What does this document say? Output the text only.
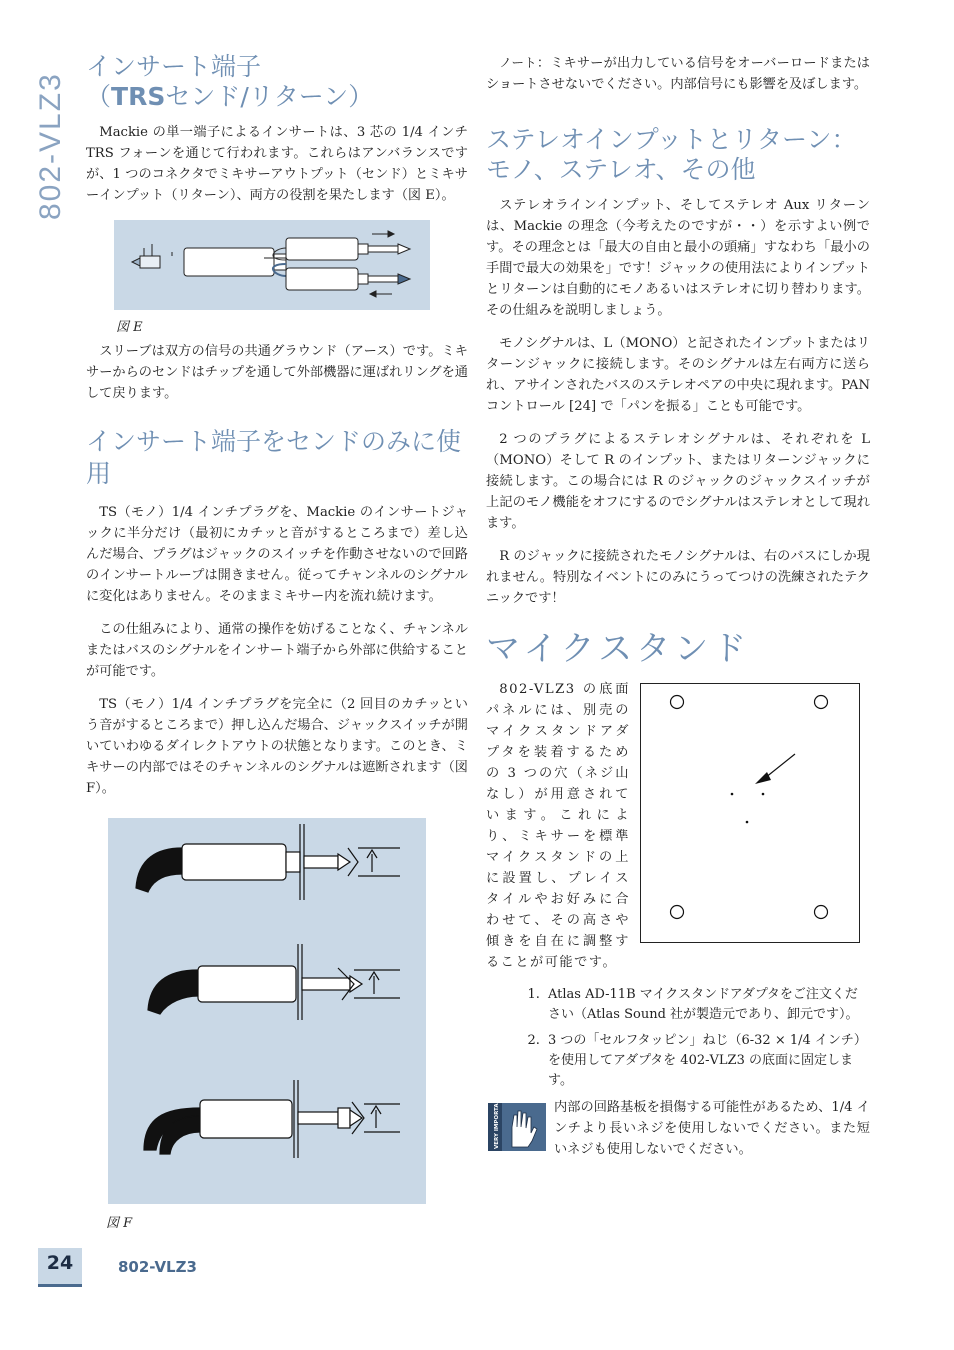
802-VLZ3
インサート端子
（TRSセンド/リターン）

Mackie の単一端子によるインサートは、3 芯の 1/4 インチ TRS フォーンを通じて行われます。これらはアンバランスですが、1 つのコネクタでミキサーアウトプット（センド）とミキサーインプット（リターン）、両方の役割を果たします（図 E）。

図 E

スリーブは双方の信号の共通グラウンド（アース）です。ミキサーからのセンドはチップを通して外部機器に運ばれリングを通して戻ります。

インサート端子をセンドのみに使用

TS（モノ）1/4 インチプラグを、Mackie のインサートジャックに半分だけ（最初にカチッと音がするところまで）差し込んだ場合、プラグはジャックのスイッチを作動させないので回路のインサートループは開きません。従ってチャンネルのシグナルに変化はありません。そのままミキサー内を流れ続けます。

この仕組みにより、通常の操作を妨げることなく、チャンネルまたはバスのシグナルをインサート端子から外部に供給することが可能です。

TS（モノ）1/4 インチプラグを完全に（2 回目のカチッという音がするところまで）押し込んだ場合、ジャックスイッチが開いていわゆるダイレクトアウトの状態となります。このとき、ミキサーの内部ではそのチャンネルのシグナルは遮断されます（図 F）。

図 F

ノート：ミキサーが出力している信号をオーバーロードまたはショートさせないでください。内部信号にも影響を及ぼします。

ステレオインプットとリターン：
モノ、ステレオ、その他

ステレオラインインプット、そしてステレオ Aux リターンは、Mackie の理念（今考えたのですが・・）を示すよい例です。その理念とは「最大の自由と最小の頭痛」すなわち「最小の手間で最大の効果を」です！ジャックの使用法によりインプットとリターンは自動的にモノあるいはステレオに切り替わります。その仕組みを説明しましょう。

モノシグナルは、L（MONO）と記されたインプットまたはリターンジャックに接続します。そのシグナルは左右両方に送られ、アサインされたバスのステレオペアの中央に現れます。PAN コントロール [24] で「パンを振る」ことも可能です。

2 つのプラグによるステレオシグナルは、それぞれを L（MONO）そして R のインプット、またはリターンジャックに接続します。この場合には R のジャックのジャックスイッチが上記のモノ機能をオフにするのでシグナルはステレオとして現れます。

R のジャックに接続されたモノシグナルは、右のバスにしか現れません。特別なイベントにのみにうってつけの洗練されたテクニックです！

マイクスタンド

802-VLZ3 の底面パネルには、別売のマイクスタンドアダプタを装着するための 3 つの穴（ネジ山なし）が用意されています。これにより、ミキサーを標準マイクスタンドの上に設置し、プレイスタイルやお好みに合わせて、その高さや傾きを自在に調整することが可能です。

1. Atlas AD-11B マイクスタンドアダプタをご注文ください（Atlas Sound 社が製造元であり、卸元です）。
2. 3 つの「セルフタッピン」ねじ（6-32 × 1/4 インチ）を使用してアダプタを 402-VLZ3 の底面に固定します。
VERY IMPORTANT	内部の回路基板を損傷する可能性があるため、1/4 インチより長いネジを使用しないでください。また短いネジも使用しないでください。

24	802-VLZ3
